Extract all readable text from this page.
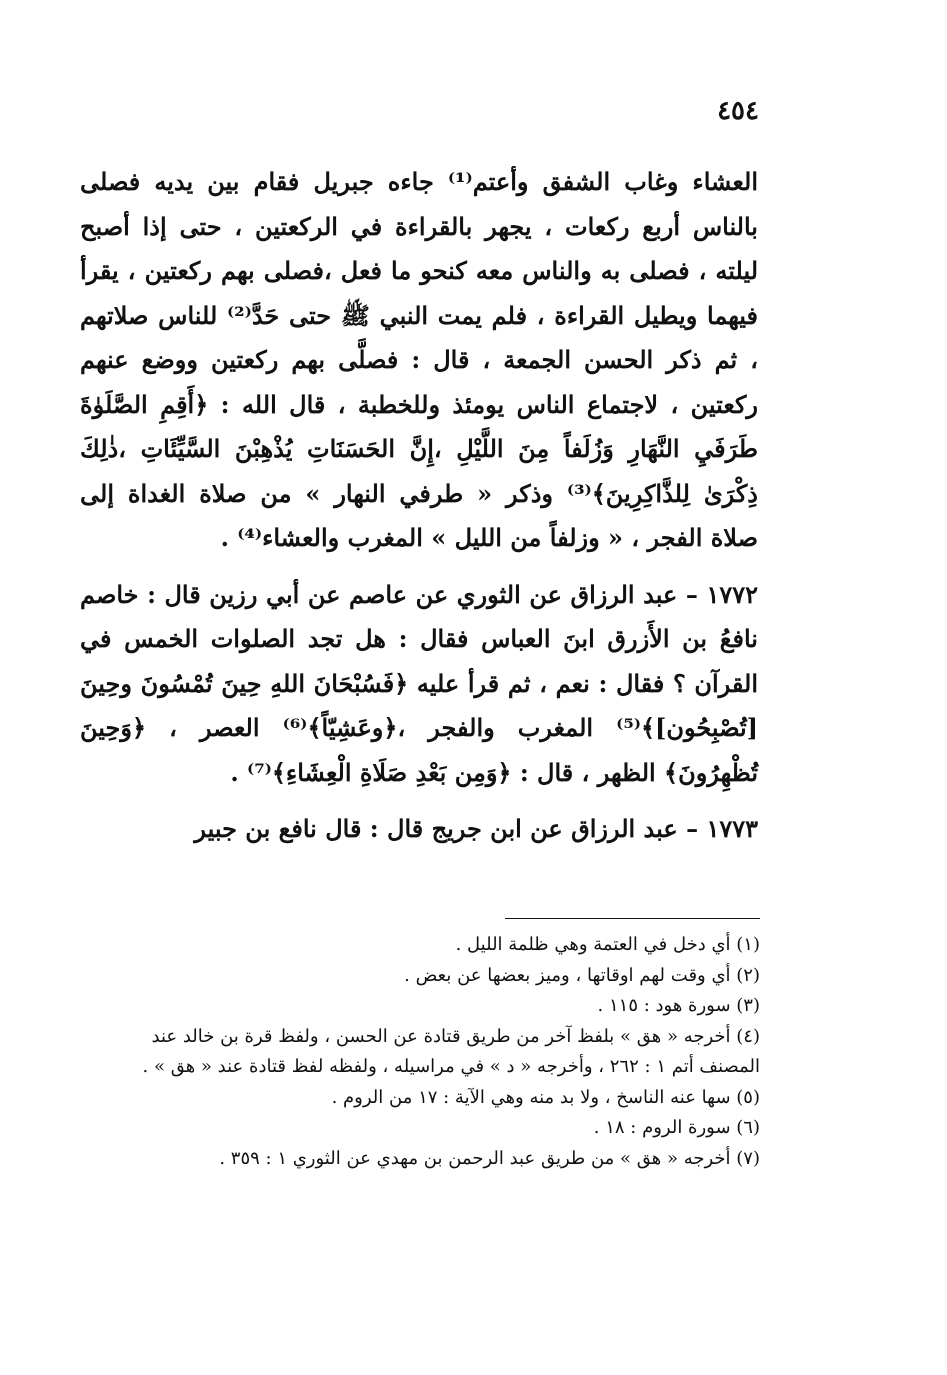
٤٥٤

العشاء وغاب الشفق وأعتم⁽¹⁾ جاءه جبريل فقام بين يديه فصلى بالناس أربع ركعات ، يجهر بالقراءة في الركعتين ، حتى إذا أصبح ليلته ، فصلى به والناس معه كنحو ما فعل ،فصلى بهم ركعتين ، يقرأ فيهما ويطيل القراءة ، فلم يمت النبي ﷺ حتى حَدَّ⁽²⁾ للناس صلاتهم ، ثم ذكر الحسن الجمعة ، قال : فصلَّى بهم ركعتين ووضع عنهم ركعتين ، لاجتماع الناس يومئذ وللخطبة ، قال الله : ﴿أَقِمِ الصَّلَوٰةَ طَرَفَيِ النَّهَارِ وَزُلَفاً مِنَ اللَّيْلِ ،إِنَّ الحَسَنَاتِ يُذْهِبْنَ السَّيِّئَاتِ ،ذٰلِكَ ذِكْرَىٰ لِلذَّاكِرِينَ﴾⁽³⁾ وذكر « طرفي النهار » من صلاة الغداة إلى صلاة الفجر ، « وزلفاً من الليل » المغرب والعشاء⁽⁴⁾ .

١٧٧٢ – عبد الرزاق عن الثوري عن عاصم عن أبي رزين قال : خاصم نافعُ بن الأَزرق ابنَ العباس فقال : هل تجد الصلوات الخمس في القرآن ؟ فقال : نعم ، ثم قرأ عليه ﴿فَسُبْحَانَ اللهِ حِينَ تُمْسُونَ وحِينَ [تُصْبِحُون]﴾⁽⁵⁾ المغرب والفجر ،﴿وعَشِيّاً﴾⁽⁶⁾ العصر ، ﴿وَحِينَ تُظْهِرُونَ﴾ الظهر ، قال : ﴿وَمِن بَعْدِ صَلَاةِ الْعِشَاءِ﴾⁽⁷⁾ .

١٧٧٣ – عبد الرزاق عن ابن جريج قال : قال نافع بن جبير

(١) أي دخل في العتمة وهي ظلمة الليل .

(٢) أي وقت لهم اوقاتها ، وميز بعضها عن بعض .

(٣) سورة هود : ١١٥ .

(٤) أخرجه « هق » بلفظ آخر من طريق قتادة عن الحسن ، ولفظ قرة بن خالد عند المصنف أتم ١ : ٢٦٢ ، وأخرجه « د » في مراسيله ، ولفظه لفظ قتادة عند « هق » .

(٥) سها عنه الناسخ ، ولا بد منه وهي الآية : ١٧ من الروم .

(٦) سورة الروم : ١٨ .

(٧) أخرجه « هق » من طريق عبد الرحمن بن مهدي عن الثوري ١ : ٣٥٩ .
